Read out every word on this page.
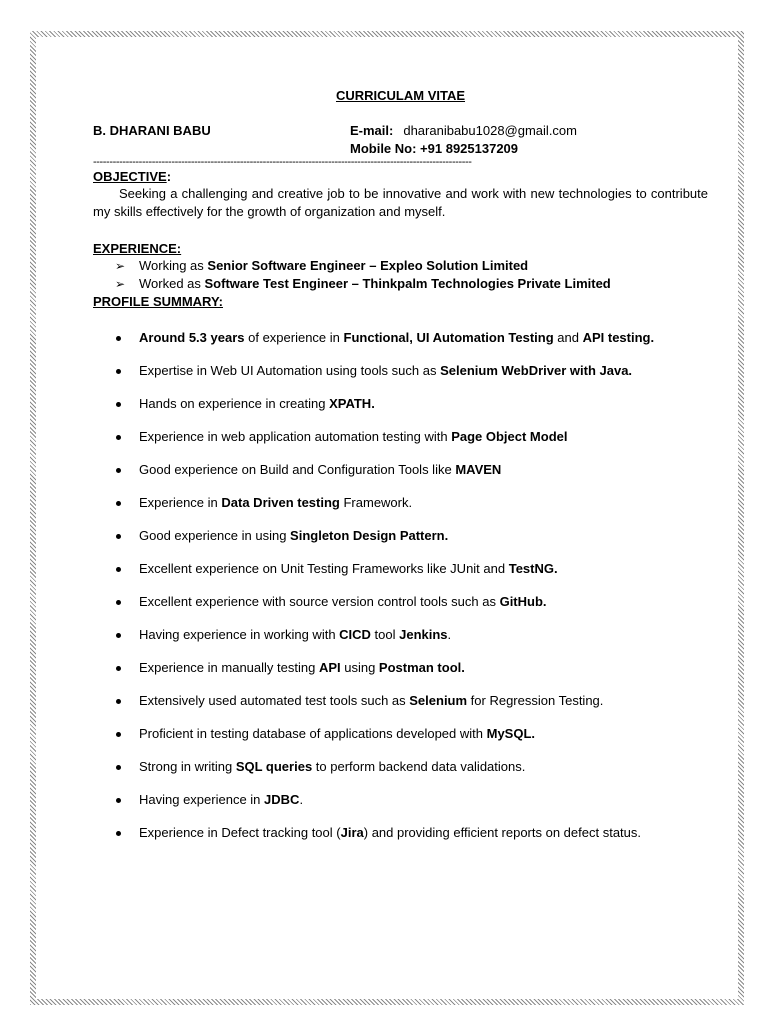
CURRICULAM VITAE

B. DHARANI BABU	E-mail: dharanibabu1028@gmail.com
Mobile No: +91 8925137209
--------------------------------------------------------------------------------------------------------------------

OBJECTIVE:

Seeking a challenging and creative job to be innovative and work with new technologies to contribute my skills effectively for the growth of organization and myself.

EXPERIENCE:

➢ Working as Senior Software Engineer – Expleo Solution Limited
➢ Worked as Software Test Engineer – Thinkpalm Technologies Private Limited

PROFILE SUMMARY:

Around 5.3 years of experience in Functional, UI Automation Testing and API testing.
Expertise in Web UI Automation using tools such as Selenium WebDriver with Java.
Hands on experience in creating XPATH.
Experience in web application automation testing with Page Object Model
Good experience on Build and Configuration Tools like MAVEN
Experience in Data Driven testing Framework.
Good experience in using Singleton Design Pattern.
Excellent experience on Unit Testing Frameworks like JUnit and TestNG.
Excellent experience with source version control tools such as GitHub.
Having experience in working with CICD tool Jenkins.
Experience in manually testing API using Postman tool.
Extensively used automated test tools such as Selenium for Regression Testing.
Proficient in testing database of applications developed with MySQL.
Strong in writing SQL queries to perform backend data validations.
Having experience in JDBC.
Experience in Defect tracking tool (Jira) and providing efficient reports on defect status.
